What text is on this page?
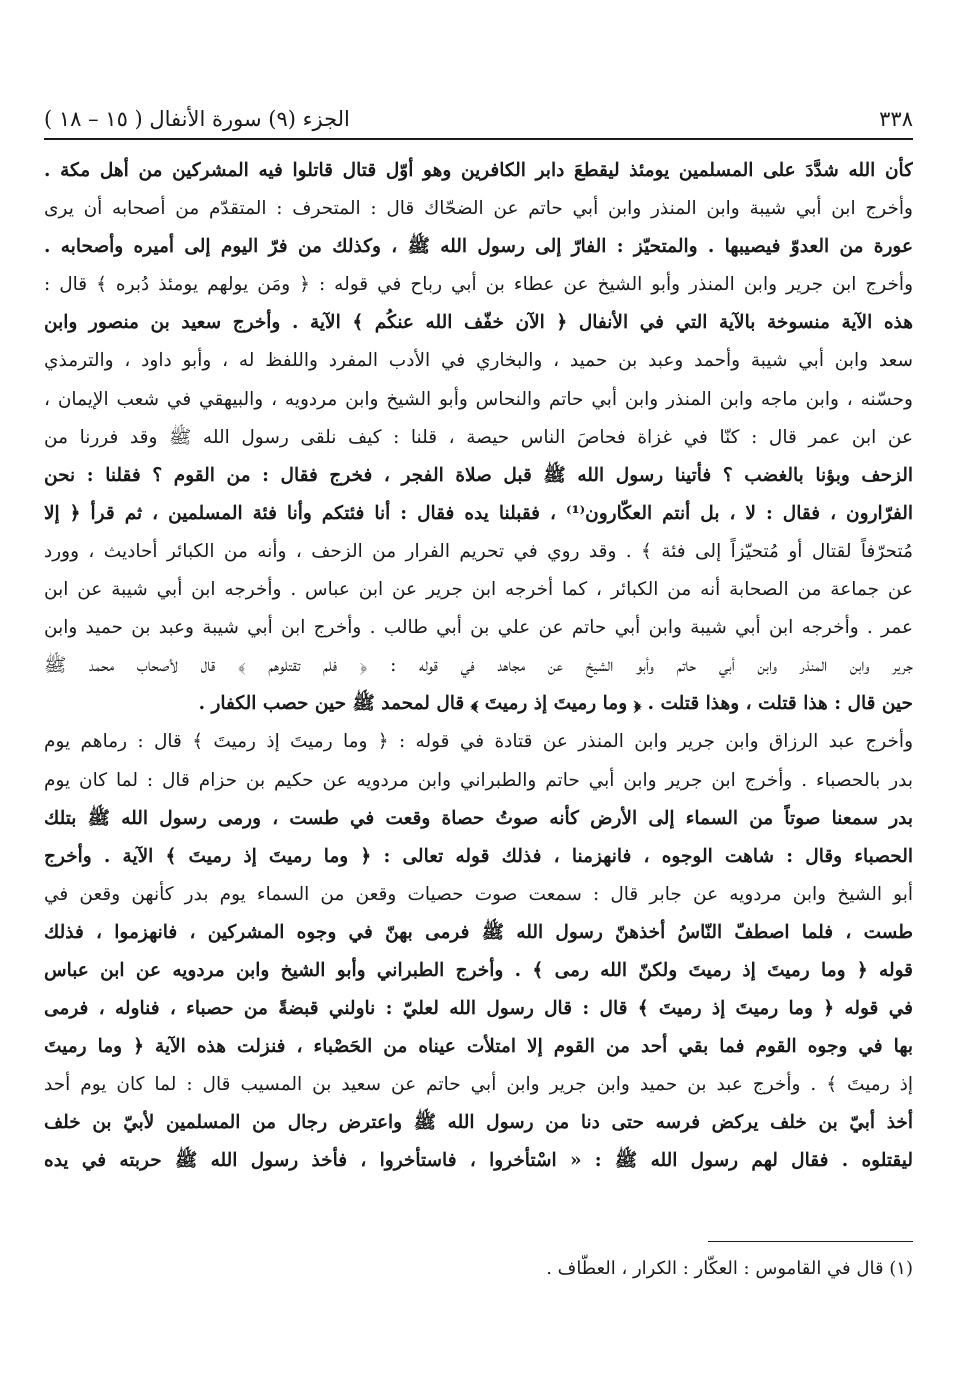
٣٣٨
الجزء (٩) سورة الأنفال ( ١٥ – ١٨ )
كأن الله شدَّدَ على المسلمين يومئذ ليقطعَ دابر الكافرين وهو أوّل قتال قاتلوا فيه المشركين من أهل مكة .
وأخرج ابن أبي شيبة وابن المنذر وابن أبي حاتم عن الضحّاك قال : المتحرف : المتقدّم من أصحابه أن يرى
عورة من العدوّ فيصيبها . والمتحيّز : الفارّ إلى رسول الله ﷺ ، وكذلك من فرّ اليوم إلى أميره وأصحابه .
وأخرج ابن جرير وابن المنذر وأبو الشيخ عن عطاء بن أبي رباح في قوله : ﴿ ومَن يولهم يومئذ دُبره ﴾ قال :
هذه الآية منسوخة بالآية التي في الأنفال ﴿ الآن خفّف الله عنكُم ﴾ الآية . وأخرج سعيد بن منصور وابن
سعد وابن أبي شيبة وأحمد وعبد بن حميد ، والبخاري في الأدب المفرد واللفظ له ، وأبو داود ، والترمذي
وحسّنه ، وابن ماجه وابن المنذر وابن أبي حاتم والنحاس وأبو الشيخ وابن مردويه ، والبيهقي في شعب الإيمان ،
عن ابن عمر قال : كنّا في غزاة فحاصَ الناس حيصة ، قلنا : كيف نلقى رسول الله ﷺ وقد فررنا من
الزحف وبؤنا بالغضب ؟ فأتينا رسول الله ﷺ قبل صلاة الفجر ، فخرج فقال : من القوم ؟ فقلنا : نحن
الفرّارون ، فقال : لا ، بل أنتم العكّارون⁽¹⁾ ، فقبلنا يده فقال : أنا فئتكم وأنا فئة المسلمين ، ثم قرأ ﴿ إلا
مُتحرّفاً لقتال أو مُتحيّزاً إلى فئة ﴾ . وقد روي في تحريم الفرار من الزحف ، وأنه من الكبائر أحاديث ، وورد
عن جماعة من الصحابة أنه من الكبائر ، كما أخرجه ابن جرير عن ابن عباس . وأخرجه ابن أبي شيبة عن ابن
عمر . وأخرجه ابن أبي شيبة وابن أبي حاتم عن علي بن أبي طالب . وأخرج ابن أبي شيبة وعبد بن حميد وابن
جرير وابن المنذر وابن أبي حاتم وأبو الشيخ عن مجاهد في قوله : ﴿ فلم تقتلوهم ﴾ قال لأصحاب محمد ﷺ
حين قال : هذا قتلت ، وهذا قتلت . ﴿ وما رميتَ إذ رميتَ ﴾ قال لمحمد ﷺ حين حصب الكفار .
وأخرج عبد الرزاق وابن جرير وابن المنذر عن قتادة في قوله : ﴿ وما رميتَ إذ رميتَ ﴾ قال : رماهم يوم
بدر بالحصباء . وأخرج ابن جرير وابن أبي حاتم والطبراني وابن مردويه عن حكيم بن حزام قال : لما كان يوم
بدر سمعنا صوتاً من السماء إلى الأرض كأنه صوتُ حصاة وقعت في طست ، ورمى رسول الله ﷺ بتلك
الحصباء وقال : شاهت الوجوه ، فانهزمنا ، فذلك قوله تعالى : ﴿ وما رميتَ إذ رميتَ ﴾ الآية . وأخرج
أبو الشيخ وابن مردويه عن جابر قال : سمعت صوت حصيات وقعن من السماء يوم بدر كأنهن وقعن في
طست ، فلما اصطفّ النّاسُ أخذهنّ رسول الله ﷺ فرمى بهنّ في وجوه المشركين ، فانهزموا ، فذلك
قوله ﴿ وما رميتَ إذ رميتَ ولكنّ الله رمى ﴾ . وأخرج الطبراني وأبو الشيخ وابن مردويه عن ابن عباس
في قوله ﴿ وما رميتَ إذ رميتَ ﴾ قال : قال رسول الله لعليّ : ناولني قبضةً من حصباء ، فناوله ، فرمى
بها في وجوه القوم فما بقي أحد من القوم إلا امتلأت عيناه من الحَصْباء ، فنزلت هذه الآية ﴿ وما رميتَ
إذ رميتَ ﴾ . وأخرج عبد بن حميد وابن جرير وابن أبي حاتم عن سعيد بن المسيب قال : لما كان يوم أحد
أخذ أبيّ بن خلف يركض فرسه حتى دنا من رسول الله ﷺ واعترض رجال من المسلمين لأبيّ بن خلف
ليقتلوه . فقال لهم رسول الله ﷺ : « اسْتأخروا ، فاستأخروا ، فأخذ رسول الله ﷺ حربته في يده
(١) قال في القاموس : العكّار : الكرار ، العطّاف .
